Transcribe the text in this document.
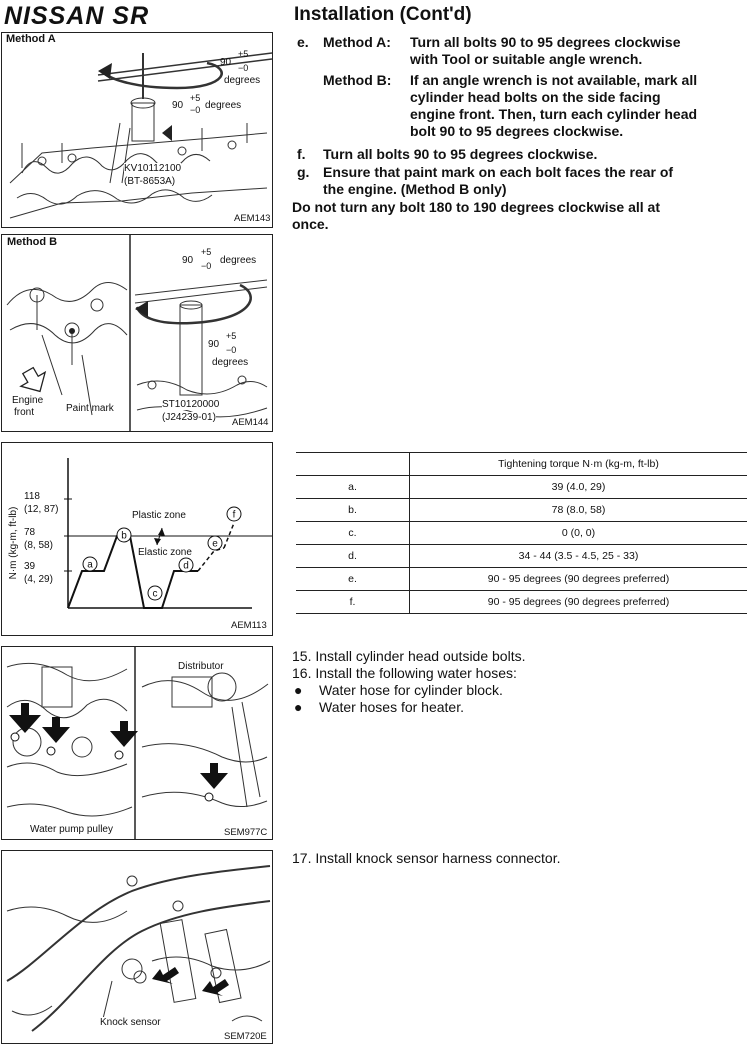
NISSAN SR	Installation (Cont'd)
e. Method A: Turn all bolts 90 to 95 degrees clockwise
with Tool or suitable angle wrench.
Method B: If an angle wrench is not available, mark all
cylinder head bolts on the side facing
engine front. Then, turn each cylinder head
bolt 90 to 95 degrees clockwise.
f. Turn all bolts 90 to 95 degrees clockwise.
g. Ensure that paint mark on each bolt faces the rear of
the engine. (Method B only)
Do not turn any bolt 180 to 190 degrees clockwise all at
once.
Method A
90
+5
−0
degrees
90
+5
−0 degrees
KV10112100
(BT-8653A)
AEM143
Method B
90
+5
−0 degrees
90
+5
−0
degrees
Engine
front	Paint mark	ST10120000
(J24239-01) AEM144
a
b
c
d
e
f
N·m (kg-m, ft-lb)
118
(12, 87)
78
(8, 58)
39
(4, 29)
Plastic zone
Elastic zone
AEM113
	Tightening torque N·m (kg-m, ft-lb)
a.	39 (4.0, 29)
b.	78 (8.0, 58)
c.	0 (0, 0)
d.	34 - 44 (3.5 - 4.5, 25 - 33)
e.	90 - 95 degrees (90 degrees preferred)
f.	90 - 95 degrees (90 degrees preferred)
15. Install cylinder head outside bolts.
16. Install the following water hoses:
● Water hose for cylinder block.
● Water hoses for heater.
Distributor
Water pump pulley	SEM977C
17. Install knock sensor harness connector.
Knock sensor
SEM720E
